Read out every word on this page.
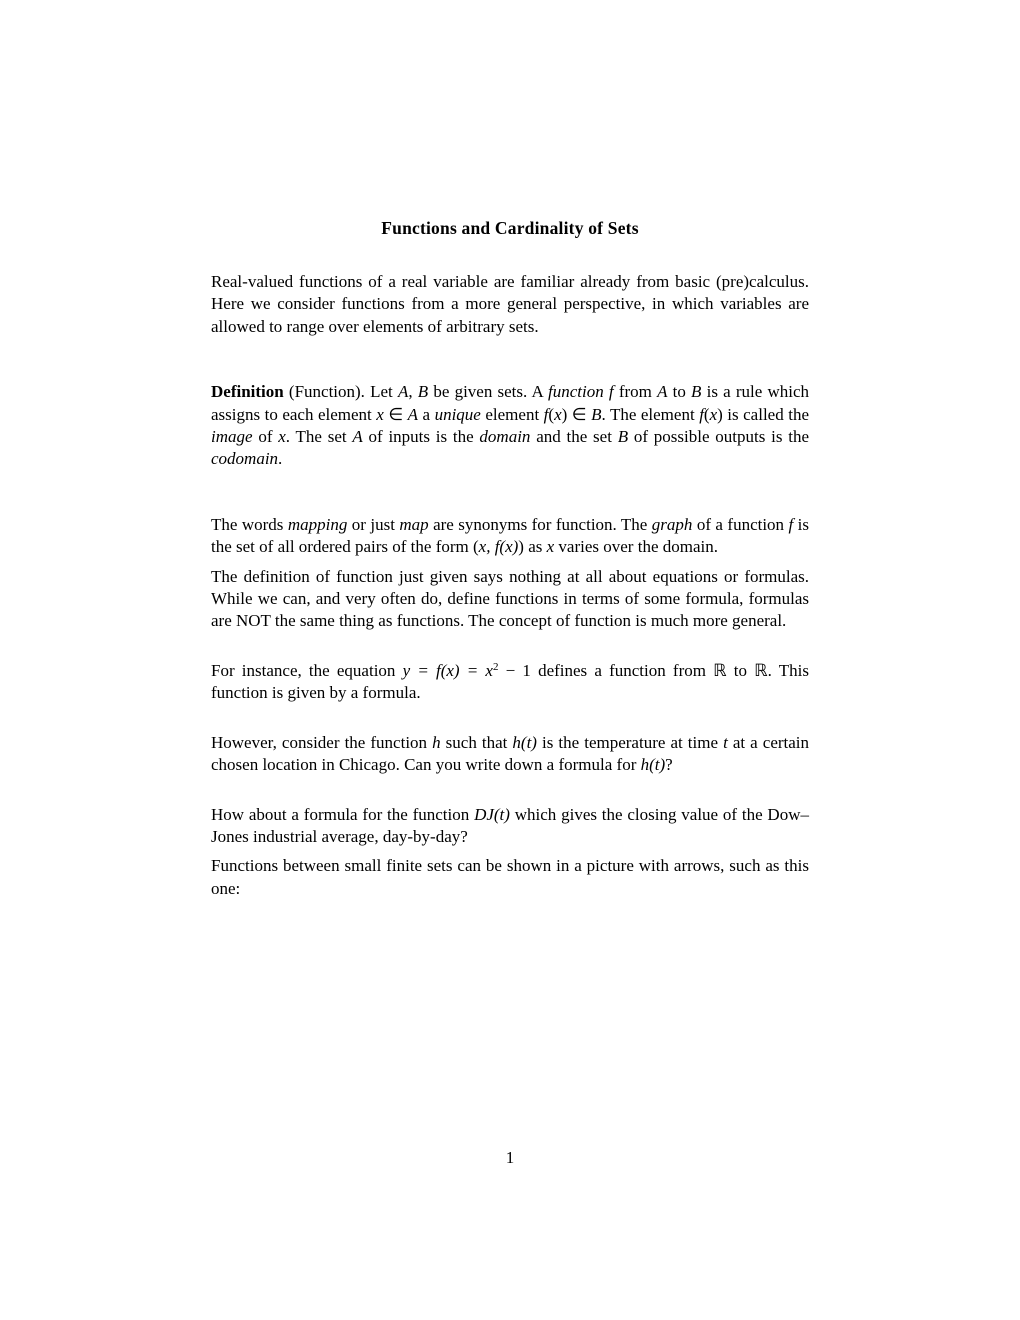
Functions and Cardinality of Sets

Real-valued functions of a real variable are familiar already from basic (pre)calculus. Here we consider functions from a more general perspective, in which variables are allowed to range over elements of arbitrary sets.

Definition (Function). Let A, B be given sets. A function f from A to B is a rule which assigns to each element x ∈ A a unique element f(x) ∈ B. The element f(x) is called the image of x. The set A of inputs is the domain and the set B of possible outputs is the codomain.

The words mapping or just map are synonyms for function. The graph of a function f is the set of all ordered pairs of the form (x, f(x)) as x varies over the domain.

The definition of function just given says nothing at all about equations or formulas. While we can, and very often do, define functions in terms of some formula, formulas are NOT the same thing as functions. The concept of function is much more general.

For instance, the equation $y = f(x) = x^2 - 1$ defines a function from ℝ to ℝ. This function is given by a formula.

However, consider the function h such that h(t) is the temperature at time t at a certain chosen location in Chicago. Can you write down a formula for h(t)?

How about a formula for the function DJ(t) which gives the closing value of the Dow–Jones industrial average, day-by-day?

Functions between small finite sets can be shown in a picture with arrows, such as this one:

1
